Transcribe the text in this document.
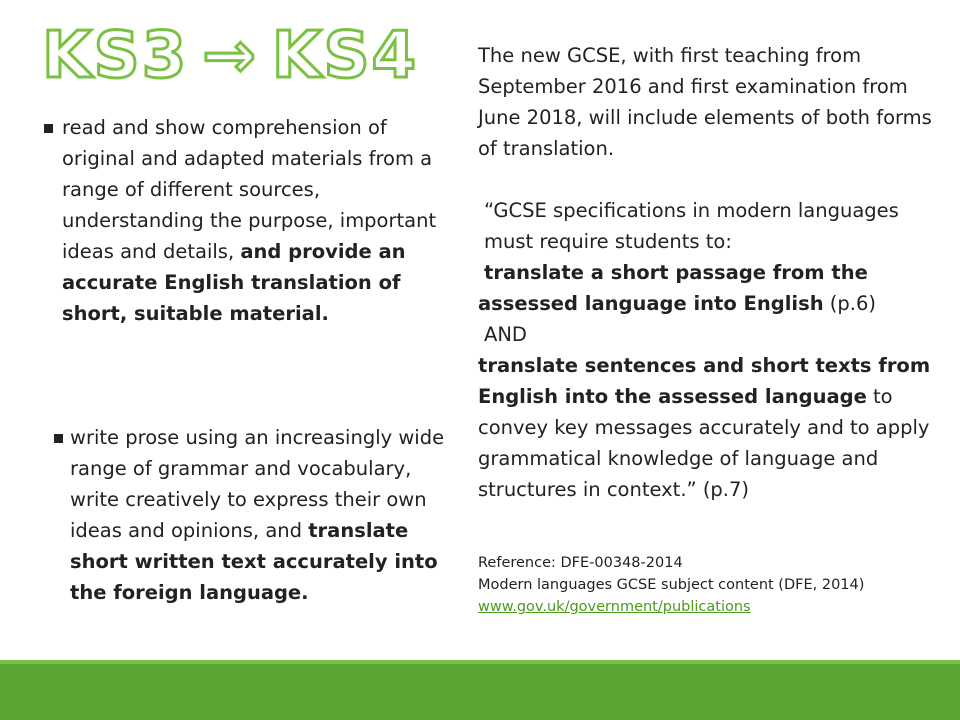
KS3 → KS4

read and show comprehension of original and adapted materials from a range of different sources, understanding the purpose, important ideas and details, and provide an accurate English translation of short, suitable material.

write prose using an increasingly wide range of grammar and vocabulary, write creatively to express their own ideas and opinions, and translate short written text accurately into the foreign language.

The new GCSE, with first teaching from September 2016 and first examination from June 2018, will include elements of both forms of translation.

“GCSE specifications in modern languages must require students to:

translate a short passage from the assessed language into English (p.6)

AND

translate sentences and short texts from English into the assessed language to convey key messages accurately and to apply grammatical knowledge of language and structures in context.” (p.7)

Reference: DFE-00348-2014

Modern languages GCSE subject content (DFE, 2014)

www.gov.uk/government/publications
